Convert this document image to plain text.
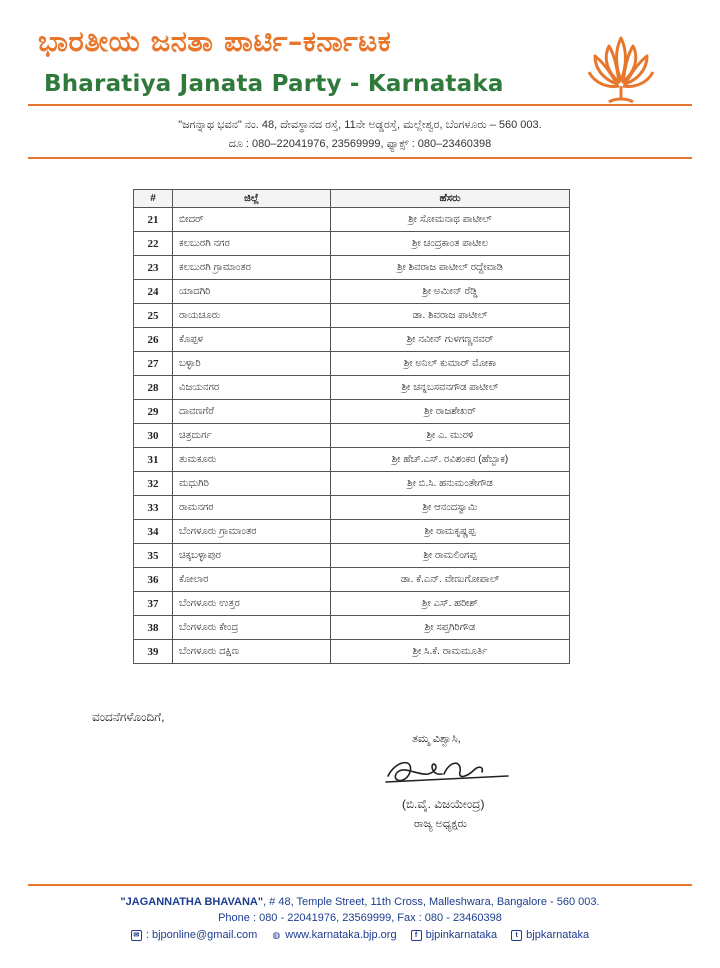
ಭಾರತೀಯ ಜನತಾ ಪಾರ್ಟಿ–ಕರ್ನಾಟಕ
Bharatiya Janata Party - Karnataka
"ಜಗನ್ನಾಥ ಭವನ" ನಂ. 48, ದೇವಸ್ಥಾನದ ರಸ್ತೆ, 11ನೇ ಅಡ್ಡರಸ್ತೆ, ಮಲ್ಲೇಶ್ವರ, ಬೆಂಗಳೂರು – 560 003.
ದೂ : 080–22041976, 23569999, ಫ್ಯಾಕ್ಸ್ : 080–23460398
#	ಜಿಲ್ಲೆ	ಹೆಸರು
21	ಬೀದರ್	ಶ್ರೀ ಸೋಮನಾಥ ಪಾಟೀಲ್
22	ಕಲಬುರಗಿ ನಗರ	ಶ್ರೀ ಚಂದ್ರಕಾಂತ ಪಾಟೀಲ
23	ಕಲಬುರಗಿ ಗ್ರಾಮಾಂತರ	ಶ್ರೀ ಶಿವರಾಜ ಪಾಟೀಲ್ ರದ್ದೇವಾಡಿ
24	ಯಾದಗಿರಿ	ಶ್ರೀ ಅಮೀನ್ ರೆಡ್ಡಿ
25	ರಾಯಚೂರು	ಡಾ. ಶಿವರಾಜ ಪಾಟೀಲ್
26	ಕೊಪ್ಪಳ	ಶ್ರೀ ನವೀನ್ ಗುಳಗಣ್ಣನವರ್
27	ಬಳ್ಳಾರಿ	ಶ್ರೀ ಅನಿಲ್ ಕುಮಾರ್ ಮೋಕಾ
28	ವಿಜಯನಗರ	ಶ್ರೀ ಚನ್ನಬಸವನಗೌಡ ಪಾಟೀಲ್
29	ದಾವಣಗೆರೆ	ಶ್ರೀ ರಾಜಶೇಖರ್
30	ಚಿತ್ರದುರ್ಗ	ಶ್ರೀ ಎ. ಮುರಳಿ
31	ತುಮಕೂರು	ಶ್ರೀ ಹೆಚ್.ಎಸ್. ರವಿಶಂಕರ (ಹೆಬ್ಬಾಕ)
32	ಮಧುಗಿರಿ	ಶ್ರೀ ಬಿ.ಸಿ. ಹನುಮಂತೇಗೌಡ
33	ರಾಮನಗರ	ಶ್ರೀ ಆನಂದಸ್ವಾಮಿ
34	ಬೆಂಗಳೂರು ಗ್ರಾಮಾಂತರ	ಶ್ರೀ ರಾಮಕೃಷ್ಣಪ್ಪ
35	ಚಿಕ್ಕಬಳ್ಳಾಪುರ	ಶ್ರೀ ರಾಮಲಿಂಗಪ್ಪ
36	ಕೋಲಾರ	ಡಾ. ಕೆ.ಎನ್. ವೇಣುಗೋಪಾಲ್
37	ಬೆಂಗಳೂರು ಉತ್ತರ	ಶ್ರೀ ಎಸ್. ಹರೀಶ್
38	ಬೆಂಗಳೂರು ಕೇಂದ್ರ	ಶ್ರೀ ಸಪ್ತಗಿರಿಗೌಡ
39	ಬೆಂಗಳೂರು ದಕ್ಷಿಣ	ಶ್ರೀ ಸಿ.ಕೆ. ರಾಮಮೂರ್ತಿ
ವಂದನೆಗಳೊಂದಿಗೆ,
ತಮ್ಮ ವಿಶ್ವಾಸಿ,
(ಬಿ.ವೈ. ವಿಜಯೇಂದ್ರ)
ರಾಜ್ಯ ಅಧ್ಯಕ್ಷರು
"JAGANNATHA BHAVANA", # 48, Temple Street, 11th Cross, Malleshwara, Bangalore - 560 003.
Phone : 080 - 22041976, 23569999, Fax : 080 - 23460398
✉ : bjponline@gmail.com ◍ www.karnataka.bjp.org	f bjpinkarnataka	t bjpkarnataka
